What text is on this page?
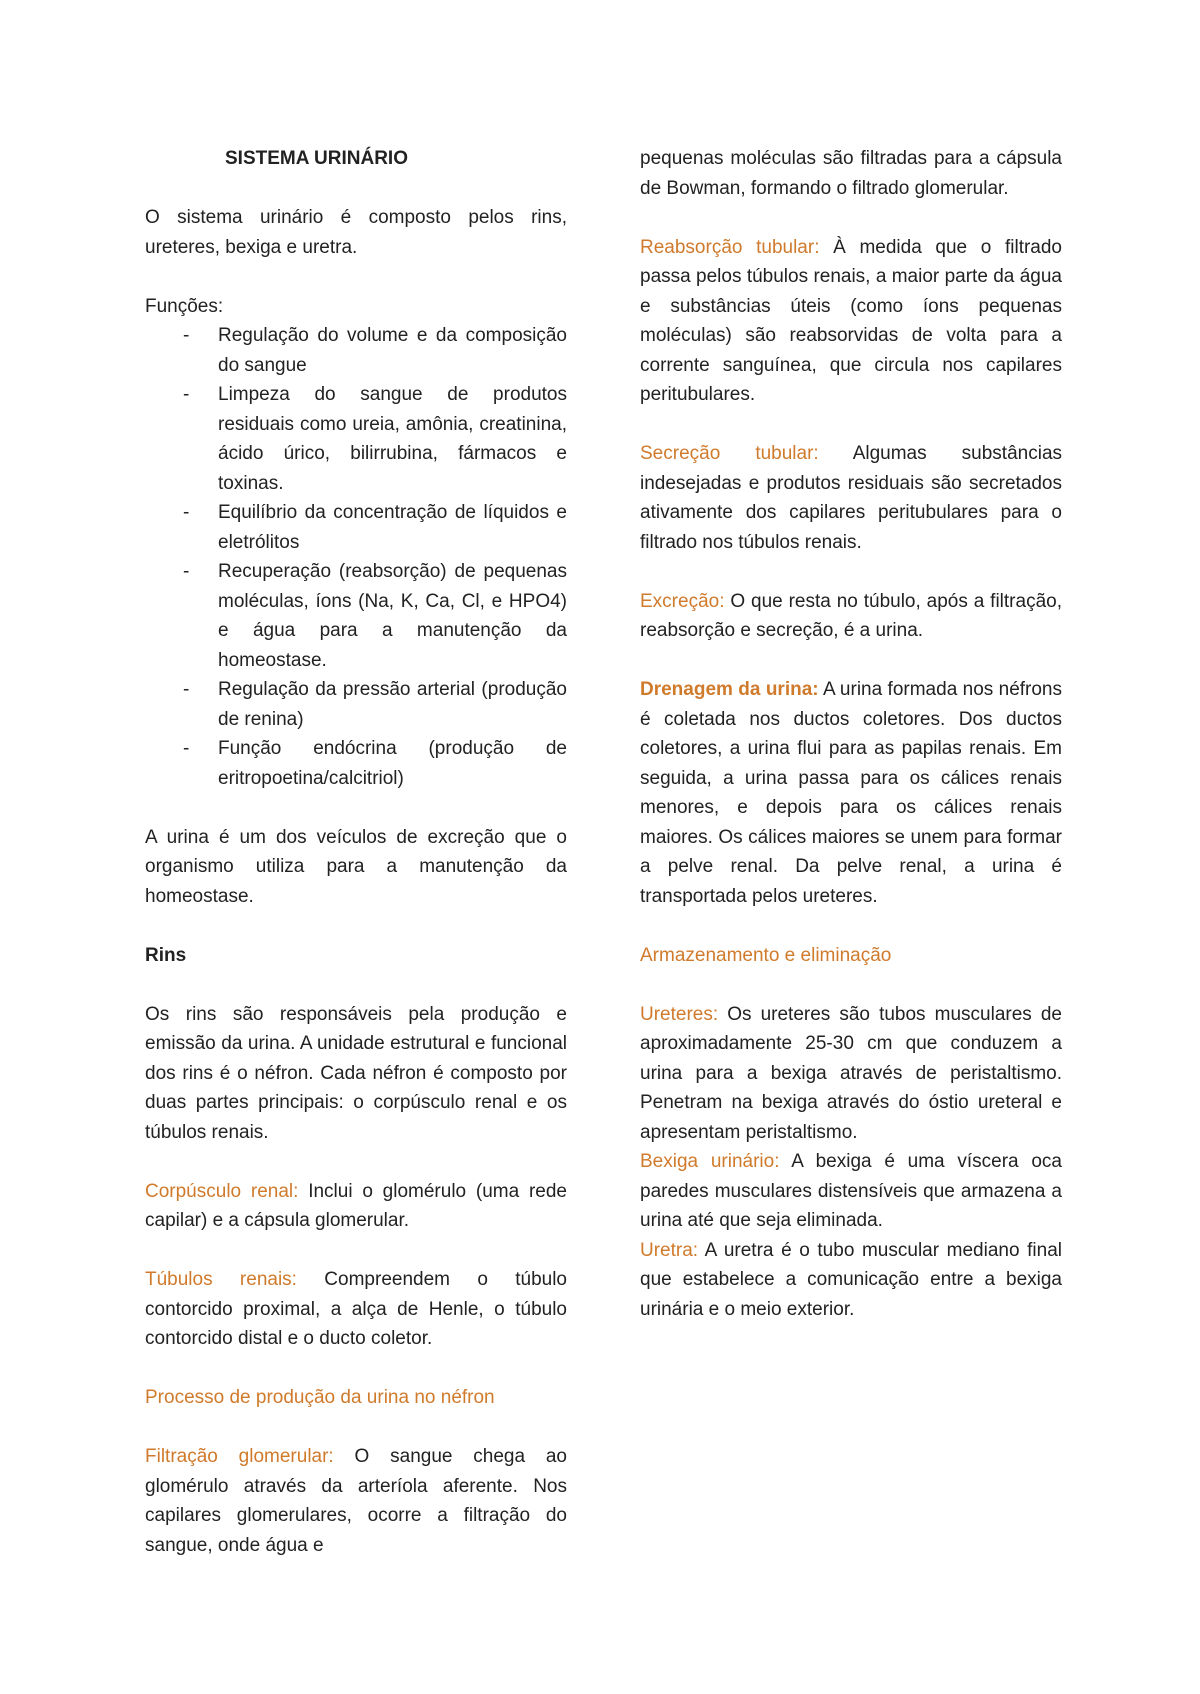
SISTEMA URINÁRIO

O sistema urinário é composto pelos rins, ureteres, bexiga e uretra.

Funções:

- Regulação do volume e da composição do sangue
- Limpeza do sangue de produtos residuais como ureia, amônia, creatinina, ácido úrico, bilirrubina, fármacos e toxinas.
- Equilíbrio da concentração de líquidos e eletrólitos
- Recuperação (reabsorção) de pequenas moléculas, íons (Na, K, Ca, Cl, e HPO4) e água para a manutenção da homeostase.
- Regulação da pressão arterial (produção de renina)
- Função endócrina (produção de eritropoetina/calcitriol)

A urina é um dos veículos de excreção que o organismo utiliza para a manutenção da homeostase.

Rins

Os rins são responsáveis pela produção e emissão da urina. A unidade estrutural e funcional dos rins é o néfron. Cada néfron é composto por duas partes principais: o corpúsculo renal e os túbulos renais.

Corpúsculo renal: Inclui o glomérulo (uma rede capilar) e a cápsula glomerular.

Túbulos renais: Compreendem o túbulo contorcido proximal, a alça de Henle, o túbulo contorcido distal e o ducto coletor.

Processo de produção da urina no néfron

Filtração glomerular: O sangue chega ao glomérulo através da arteríola aferente. Nos capilares glomerulares, ocorre a filtração do sangue, onde água e

pequenas moléculas são filtradas para a cápsula de Bowman, formando o filtrado glomerular.

Reabsorção tubular: À medida que o filtrado passa pelos túbulos renais, a maior parte da água e substâncias úteis (como íons pequenas moléculas) são reabsorvidas de volta para a corrente sanguínea, que circula nos capilares peritubulares.

Secreção tubular: Algumas substâncias indesejadas e produtos residuais são secretados ativamente dos capilares peritubulares para o filtrado nos túbulos renais.

Excreção: O que resta no túbulo, após a filtração, reabsorção e secreção, é a urina.

Drenagem da urina: A urina formada nos néfrons é coletada nos ductos coletores. Dos ductos coletores, a urina flui para as papilas renais. Em seguida, a urina passa para os cálices renais menores, e depois para os cálices renais maiores. Os cálices maiores se unem para formar a pelve renal. Da pelve renal, a urina é transportada pelos ureteres.

Armazenamento e eliminação

Ureteres: Os ureteres são tubos musculares de aproximadamente 25-30 cm que conduzem a urina para a bexiga através de peristaltismo. Penetram na bexiga através do óstio ureteral e apresentam peristaltismo.

Bexiga urinário: A bexiga é uma víscera oca paredes musculares distensíveis que armazena a urina até que seja eliminada.

Uretra: A uretra é o tubo muscular mediano final que estabelece a comunicação entre a bexiga urinária e o meio exterior.
